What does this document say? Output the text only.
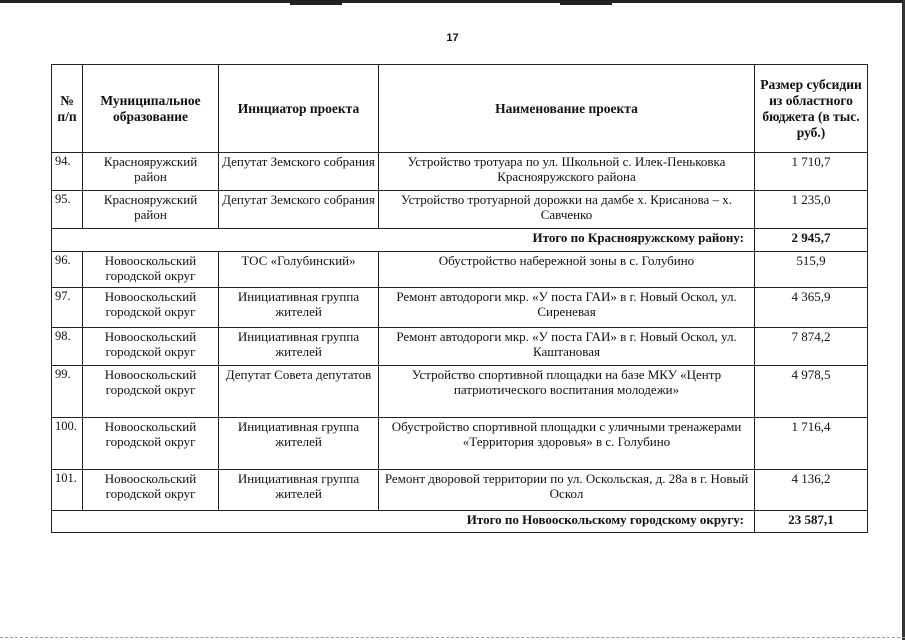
17
№ п/п	Муниципальное образование	Инициатор проекта	Наименование проекта	Размер субсидии из областного бюджета (в тыс. руб.)
94.	Краснояружский район	Депутат Земского собрания	Устройство тротуара по ул. Школьной с. Илек-Пеньковка Краснояружского района	1 710,7
95.	Краснояружский район	Депутат Земского собрания	Устройство тротуарной дорожки на дамбе х. Крисанова – х. Савченко	1 235,0
Итого по Краснояружскому району:				2 945,7
96.	Новооскольский городской округ	ТОС «Голубинский»	Обустройство набережной зоны в с. Голубино	515,9
97.	Новооскольский городской округ	Инициативная группа жителей	Ремонт автодороги мкр. «У поста ГАИ» в г. Новый Оскол, ул. Сиреневая	4 365,9
98.	Новооскольский городской округ	Инициативная группа жителей	Ремонт автодороги мкр. «У поста ГАИ» в г. Новый Оскол, ул. Каштановая	7 874,2
99.	Новооскольский городской округ	Депутат Совета депутатов	Устройство спортивной площадки на базе МКУ «Центр патриотического воспитания молодежи»	4 978,5
100.	Новооскольский городской округ	Инициативная группа жителей	Обустройство спортивной площадки с уличными тренажерами «Территория здоровья» в с. Голубино	1 716,4
101.	Новооскольский городской округ	Инициативная группа жителей	Ремонт дворовой территории по ул. Оскольская, д. 28а в г. Новый Оскол	4 136,2
Итого по Новооскольскому городскому округу:				23 587,1
